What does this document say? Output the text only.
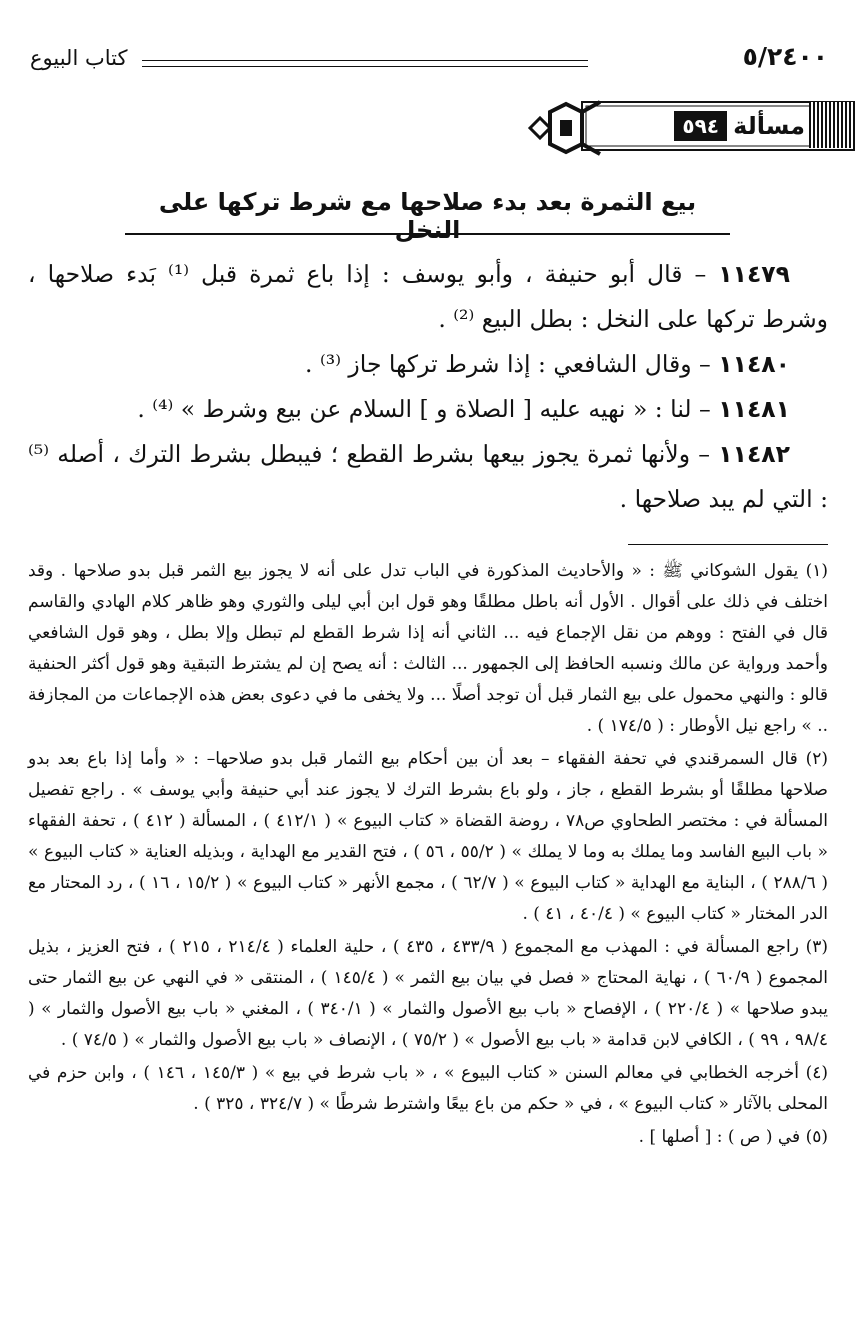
كتاب البيوع	٥/٢٤٠٠
مسألة
٥٩٤
بيع الثمرة بعد بدء صلاحها مع شرط تركها على النخل

١١٤٧٩ – قال أبو حنيفة ، وأبو يوسف : إذا باع ثمرة قبل ⁽¹⁾ بَدء صلاحها ، وشرط تركها على النخل : بطل البيع ⁽²⁾ .

١١٤٨٠ – وقال الشافعي : إذا شرط تركها جاز ⁽³⁾ .

١١٤٨١ – لنا : « نهيه عليه [ الصلاة و ] السلام عن بيع وشرط » ⁽⁴⁾ .

١١٤٨٢ – ولأنها ثمرة يجوز بيعها بشرط القطع ؛ فيبطل بشرط الترك ، أصله ⁽⁵⁾ : التي لم يبد صلاحها .

(١) يقول الشوكاني ﷺ : « والأحاديث المذكورة في الباب تدل على أنه لا يجوز بيع الثمر قبل بدو صلاحها . وقد اختلف في ذلك على أقوال . الأول أنه باطل مطلقًا وهو قول ابن أبي ليلى والثوري وهو ظاهر كلام الهادي والقاسم قال في الفتح : ووهم من نقل الإجماع فيه ... الثاني أنه إذا شرط القطع لم تبطل وإلا بطل ، وهو قول الشافعي وأحمد ورواية عن مالك ونسبه الحافظ إلى الجمهور ... الثالث : أنه يصح إن لم يشترط التبقية وهو قول أكثر الحنفية قالو : والنهي محمول على بيع الثمار قبل أن توجد أصلًا ... ولا يخفى ما في دعوى بعض هذه الإجماعات من المجازفة .. » راجع نيل الأوطار : ( ١٧٤/٥ ) .

(٢) قال السمرقندي في تحفة الفقهاء – بعد أن بين أحكام بيع الثمار قبل بدو صلاحها– : « وأما إذا باع بعد بدو صلاحها مطلقًا أو بشرط القطع ، جاز ، ولو باع بشرط الترك لا يجوز عند أبي حنيفة وأبي يوسف » . راجع تفصيل المسألة في : مختصر الطحاوي ص٧٨ ، روضة القضاة « كتاب البيوع » ( ٤١٢/١ ) ، المسألة ( ٤١٢ ) ، تحفة الفقهاء « باب البيع الفاسد وما يملك به وما لا يملك » ( ٥٥/٢ ، ٥٦ ) ، فتح القدير مع الهداية ، وبذيله العناية « كتاب البيوع » ( ٢٨٨/٦ ) ، البناية مع الهداية « كتاب البيوع » ( ٦٢/٧ ) ، مجمع الأنهر « كتاب البيوع » ( ١٥/٢ ، ١٦ ) ، رد المحتار مع الدر المختار « كتاب البيوع » ( ٤٠/٤ ، ٤١ ) .

(٣) راجع المسألة في : المهذب مع المجموع ( ٤٣٣/٩ ، ٤٣٥ ) ، حلية العلماء ( ٢١٤/٤ ، ٢١٥ ) ، فتح العزيز ، بذيل المجموع ( ٦٠/٩ ) ، نهاية المحتاج « فصل في بيان بيع الثمر » ( ١٤٥/٤ ) ، المنتقى « في النهي عن بيع الثمار حتى يبدو صلاحها » ( ٢٢٠/٤ ) ، الإفصاح « باب بيع الأصول والثمار » ( ٣٤٠/١ ) ، المغني « باب بيع الأصول والثمار » ( ٩٨/٤ ، ٩٩ ) ، الكافي لابن قدامة « باب بيع الأصول » ( ٧٥/٢ ) ، الإنصاف « باب بيع الأصول والثمار » ( ٧٤/٥ ) .

(٤) أخرجه الخطابي في معالم السنن « كتاب البيوع » ، « باب شرط في بيع » ( ١٤٥/٣ ، ١٤٦ ) ، وابن حزم في المحلى بالآثار « كتاب البيوع » ، في « حكم من باع بيعًا واشترط شرطًا » ( ٣٢٤/٧ ، ٣٢٥ ) .

(٥) في ( ص ) : [ أصلها ] .
